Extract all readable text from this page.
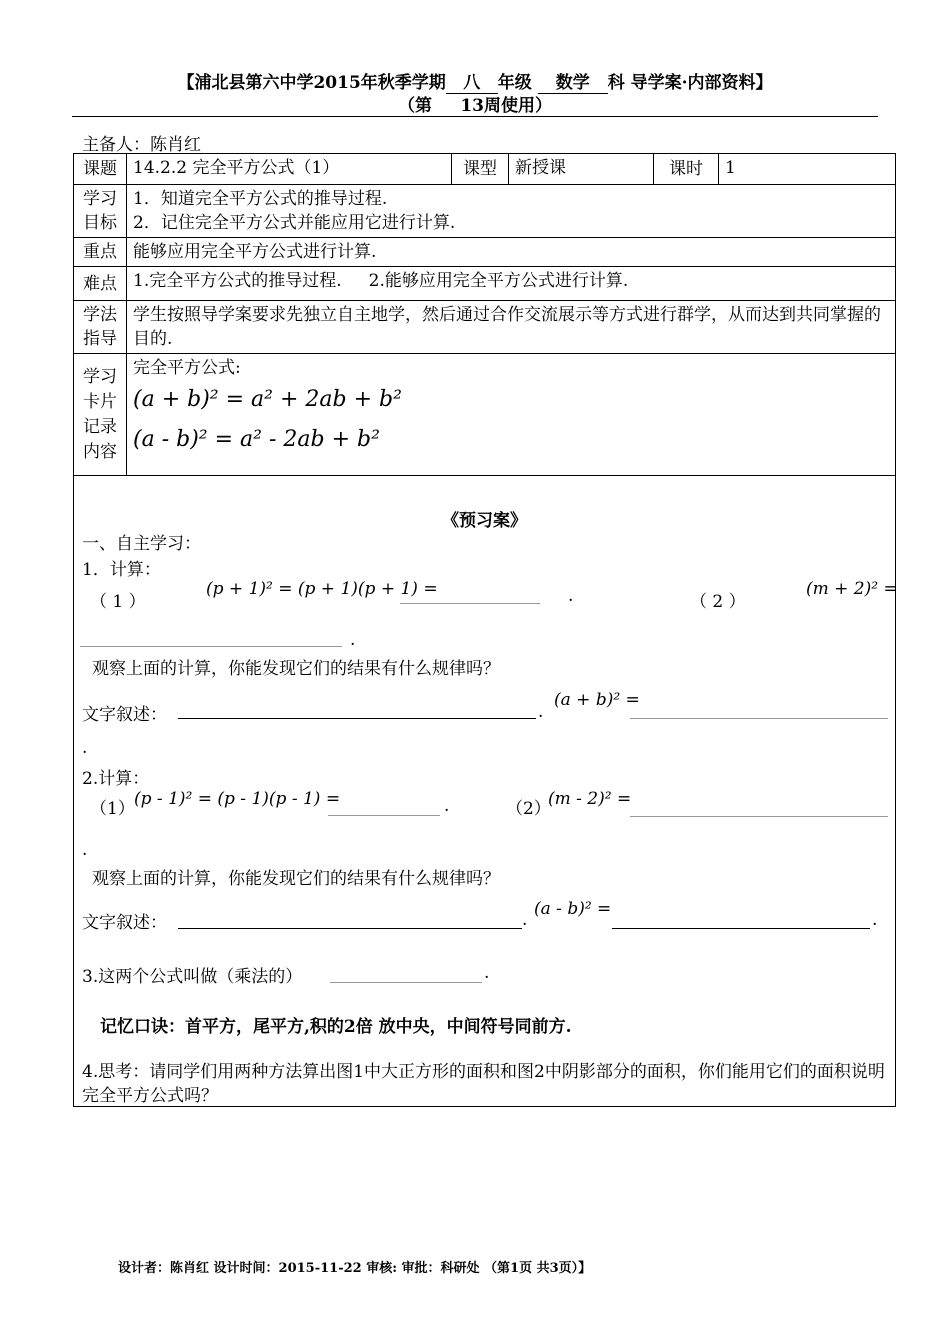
【浦北县第六中学2015年秋季学期 八 年级 数学 科 导学案·内部资料】
（第 13周使用）
主备人：陈肖红
课题	14.2.2 完全平方公式（1）	课型	新授课	课时	1

学习目标	1．知道完全平方公式的推导过程.
2．记住完全平方公式并能应用它进行计算.				

重点	能够应用完全平方公式进行计算.				
难点	1.完全平方公式的推导过程.     2.能够应用完全平方公式进行计算.				

学法指导	学生按照导学案要求先独立自主地学，然后通过合作交流展示等方式进行群学，从而达到共同掌握的目的.				

学习卡片记录内容	完全平方公式:
(a + b)² = a² + 2ab + b²
(a - b)² = a² - 2ab + b²				
《预习案》
一、自主学习：
1．计算：
（ 1 ）
(p + 1)² = (p + 1)(p + 1) =	.	（ 2 ）
(m + 2)² =
.
观察上面的计算，你能发现它们的结果有什么规律吗？
文字叙述：	.
(a + b)² =
.
2.计算：
（1） (p - 1)² = (p - 1)(p - 1) =	.	（2）
(m - 2)² =
.
观察上面的计算，你能发现它们的结果有什么规律吗？
文字叙述：	.
(a - b)² =
.
3.这两个公式叫做（乘法的）	.
记忆口诀：首平方，尾平方,积的2倍 放中央，中间符号同前方.
4.思考：请同学们用两种方法算出图1中大正方形的面积和图2中阴影部分的面积，你们能用它们的面积说明完全平方公式吗？
设计者：陈肖红 设计时间：2015-11-22 审核: 审批：科研处 （第1页 共3页）】
